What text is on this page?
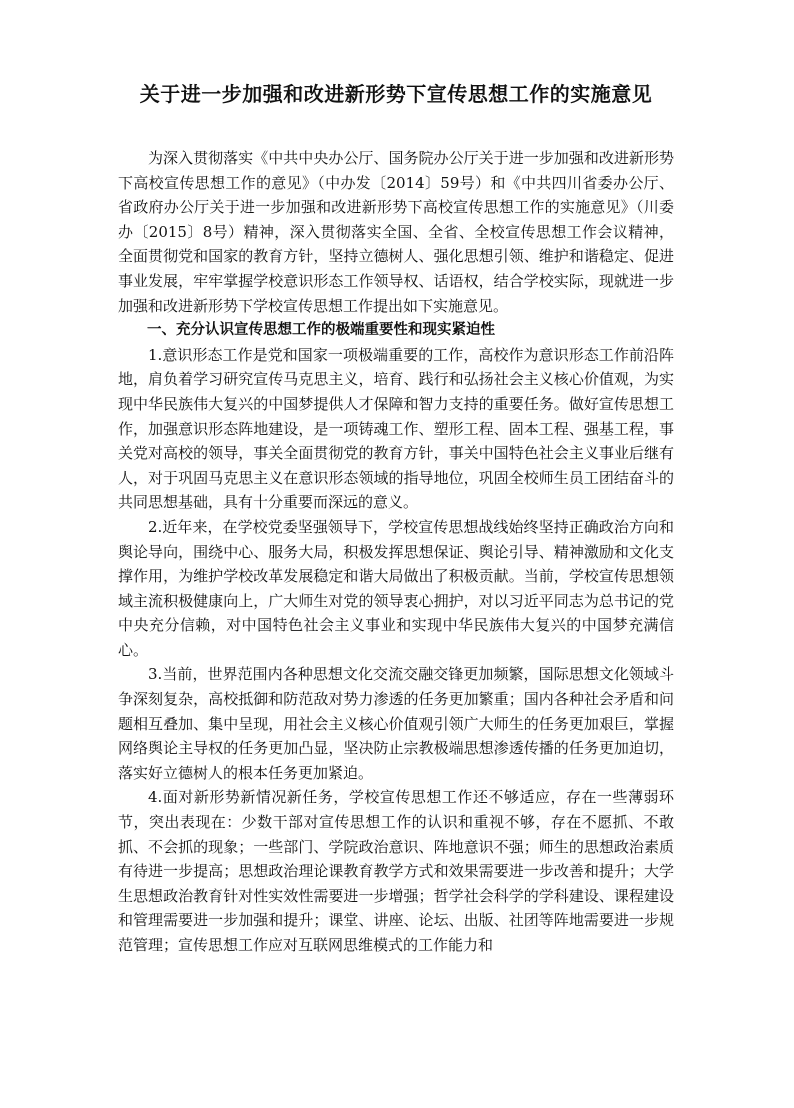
关于进一步加强和改进新形势下宣传思想工作的实施意见

为深入贯彻落实《中共中央办公厅、国务院办公厅关于进一步加强和改进新形势下高校宣传思想工作的意见》（中办发〔2014〕59号）和《中共四川省委办公厅、省政府办公厅关于进一步加强和改进新形势下高校宣传思想工作的实施意见》（川委办〔2015〕8号）精神，深入贯彻落实全国、全省、全校宣传思想工作会议精神，全面贯彻党和国家的教育方针，坚持立德树人、强化思想引领、维护和谐稳定、促进事业发展，牢牢掌握学校意识形态工作领导权、话语权，结合学校实际，现就进一步加强和改进新形势下学校宣传思想工作提出如下实施意见。

一、充分认识宣传思想工作的极端重要性和现实紧迫性

1.意识形态工作是党和国家一项极端重要的工作，高校作为意识形态工作前沿阵地，肩负着学习研究宣传马克思主义，培育、践行和弘扬社会主义核心价值观，为实现中华民族伟大复兴的中国梦提供人才保障和智力支持的重要任务。做好宣传思想工作，加强意识形态阵地建设，是一项铸魂工作、塑形工程、固本工程、强基工程，事关党对高校的领导，事关全面贯彻党的教育方针，事关中国特色社会主义事业后继有人，对于巩固马克思主义在意识形态领域的指导地位，巩固全校师生员工团结奋斗的共同思想基础，具有十分重要而深远的意义。

2.近年来，在学校党委坚强领导下，学校宣传思想战线始终坚持正确政治方向和舆论导向，围绕中心、服务大局，积极发挥思想保证、舆论引导、精神激励和文化支撑作用，为维护学校改革发展稳定和谐大局做出了积极贡献。当前，学校宣传思想领域主流积极健康向上，广大师生对党的领导衷心拥护，对以习近平同志为总书记的党中央充分信赖，对中国特色社会主义事业和实现中华民族伟大复兴的中国梦充满信心。

3.当前，世界范围内各种思想文化交流交融交锋更加频繁，国际思想文化领域斗争深刻复杂，高校抵御和防范敌对势力渗透的任务更加繁重；国内各种社会矛盾和问题相互叠加、集中呈现，用社会主义核心价值观引领广大师生的任务更加艰巨，掌握网络舆论主导权的任务更加凸显，坚决防止宗教极端思想渗透传播的任务更加迫切，落实好立德树人的根本任务更加紧迫。

4.面对新形势新情况新任务，学校宣传思想工作还不够适应，存在一些薄弱环节，突出表现在：少数干部对宣传思想工作的认识和重视不够，存在不愿抓、不敢抓、不会抓的现象；一些部门、学院政治意识、阵地意识不强；师生的思想政治素质有待进一步提高；思想政治理论课教育教学方式和效果需要进一步改善和提升；大学生思想政治教育针对性实效性需要进一步增强；哲学社会科学的学科建设、课程建设和管理需要进一步加强和提升；课堂、讲座、论坛、出版、社团等阵地需要进一步规范管理；宣传思想工作应对互联网思维模式的工作能力和
